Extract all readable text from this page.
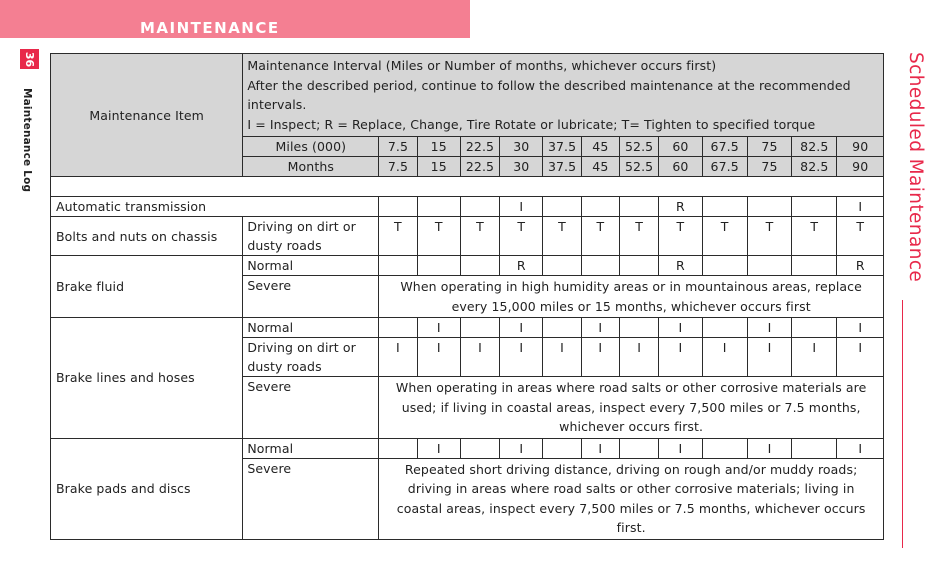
MAINTENANCE
36
Maintenance Log	Scheduled Maintenance
Maintenance Item	Maintenance Interval (Miles or Number of months, whichever occurs first)
After the described period, continue to follow the described maintenance at the recommended intervals.
I = Inspect; R = Replace, Change, Tire Rotate or lubricate; T= Tighten to specified torque												

	Miles (000)	7.5	15	22.5	30	37.5	45	52.5	60	67.5	75	82.5	90
	Months	7.5	15	22.5	30	37.5	45	52.5	60	67.5	75	82.5	90

Automatic transmission					I				R				I
Bolts and nuts on chassis	Driving on dirt or dusty roads	T	T	T	T	T	T	T	T	T	T	T	T
Brake fluid	Normal				R				R				R
	Severe	When operating in high humidity areas or in mountainous areas, replace every 15,000 miles or 15 months, whichever occurs first											
Brake lines and hoses	Normal		I		I		I		I		I		I
	Driving on dirt or dusty roads	I	I	I	I	I	I	I	I	I	I	I	I
	Severe	When operating in areas where road salts or other corrosive materials are used; if living in coastal areas, inspect every 7,500 miles or 7.5 months, whichever occurs first.											
Brake pads and discs	Normal		I		I		I		I		I		I
	Severe	Repeated short driving distance, driving on rough and/or muddy roads; driving in areas where road salts or other corrosive materials; living in coastal areas, inspect every 7,500 miles or 7.5 months, whichever occurs first.											
